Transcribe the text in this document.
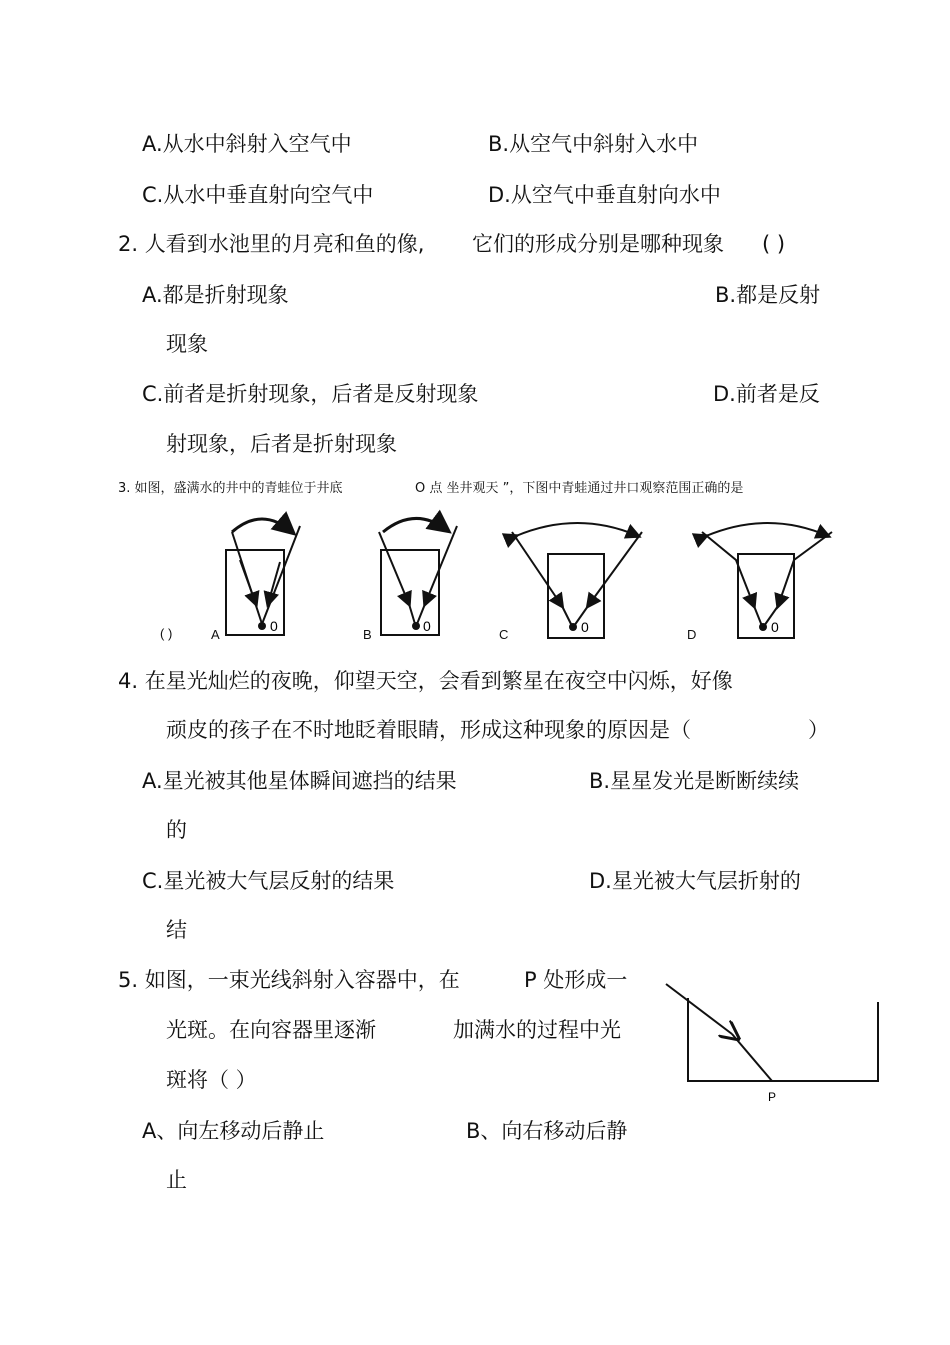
A.从水中斜射入空气中	B.从空气中斜射入水中
C.从水中垂直射向空气中	D.从空气中垂直射向水中
2. 人看到水池里的月亮和鱼的像, 它们的形成分别是哪种现象 ( )
A.都是折射现象	B.都是反射
现象
C.前者是折射现象，后者是反射现象	D.前者是反
射现象，后者是折射现象
3. 如图，盛满水的井中的青蛙位于井底	O 点 坐井观天 ”，下图中青蛙通过井口观察范围正确的是
( )	A	B	C	D
0	0	0	0
4. 在星光灿烂的夜晚，仰望天空，会看到繁星在夜空中闪烁，好像
顽皮的孩子在不时地眨着眼睛，形成这种现象的原因是（	）
A.星光被其他星体瞬间遮挡的结果	B.星星发光是断断续续
的
C.星光被大气层反射的结果	D.星光被大气层折射的
结
5. 如图，一束光线斜射入容器中，在	P 处形成一
光斑。在向容器里逐渐	加满水的过程中光
斑将（ ）
A、向左移动后静止	B、向右移动后静
止
P
